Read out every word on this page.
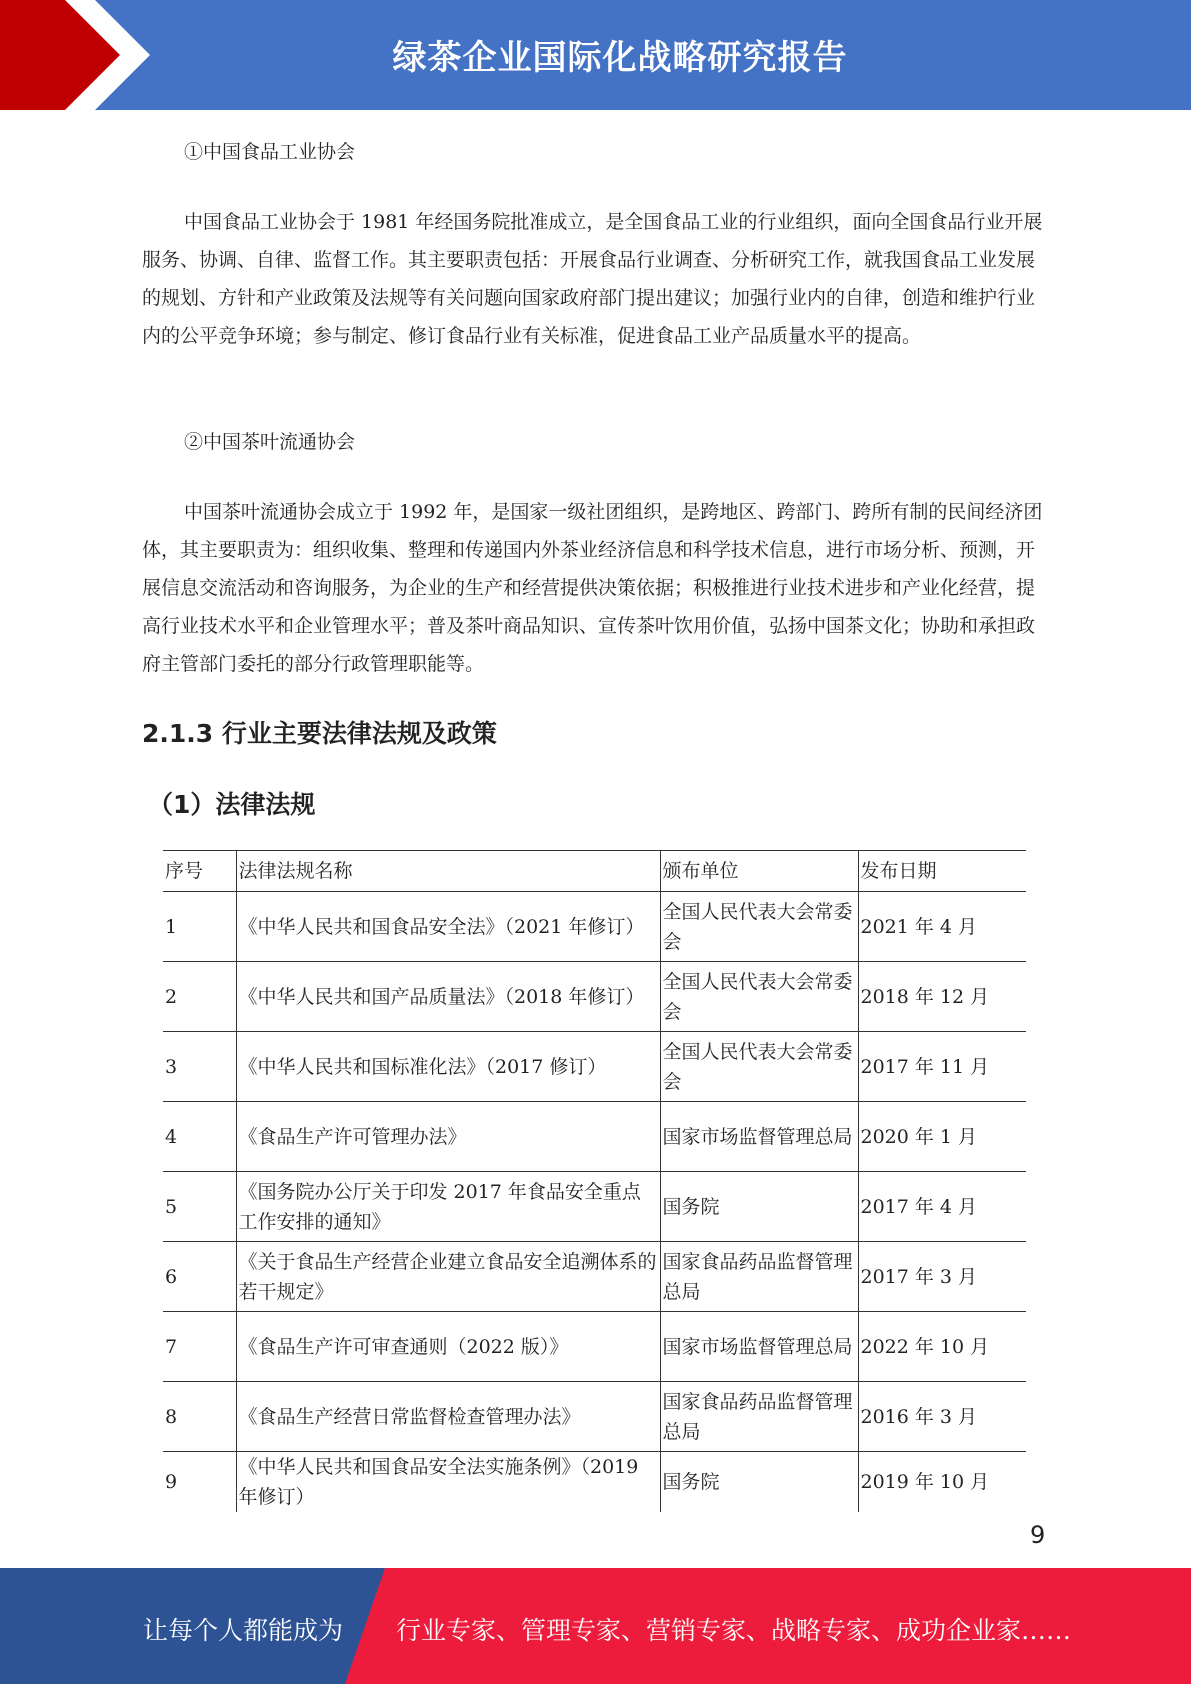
绿茶企业国际化战略研究报告

①中国食品工业协会

中国食品工业协会于 1981 年经国务院批准成立，是全国食品工业的行业组织，面向全国食品行业开展服务、协调、自律、监督工作。其主要职责包括：开展食品行业调查、分析研究工作，就我国食品工业发展的规划、方针和产业政策及法规等有关问题向国家政府部门提出建议；加强行业内的自律，创造和维护行业内的公平竞争环境；参与制定、修订食品行业有关标准，促进食品工业产品质量水平的提高。

②中国茶叶流通协会

中国茶叶流通协会成立于 1992 年，是国家一级社团组织，是跨地区、跨部门、跨所有制的民间经济团体，其主要职责为：组织收集、整理和传递国内外茶业经济信息和科学技术信息，进行市场分析、预测，开展信息交流活动和咨询服务，为企业的生产和经营提供决策依据；积极推进行业技术进步和产业化经营，提高行业技术水平和企业管理水平；普及茶叶商品知识、宣传茶叶饮用价值，弘扬中国茶文化；协助和承担政府主管部门委托的部分行政管理职能等。

2.1.3 行业主要法律法规及政策
（1）法律法规
序号	法律法规名称	颁布单位	发布日期
1	《中华人民共和国食品安全法》（2021 年修订）	全国人民代表大会常委会	2021 年 4 月
2	《中华人民共和国产品质量法》（2018 年修订）	全国人民代表大会常委会	2018 年 12 月
3	《中华人民共和国标准化法》（2017 修订）	全国人民代表大会常委会	2017 年 11 月
4	《食品生产许可管理办法》	国家市场监督管理总局	2020 年 1 月
5	《国务院办公厅关于印发 2017 年食品安全重点工作安排的通知》	国务院	2017 年 4 月
6	《关于食品生产经营企业建立食品安全追溯体系的若干规定》	国家食品药品监督管理总局	2017 年 3 月
7	《食品生产许可审查通则（2022 版）》	国家市场监督管理总局	2022 年 10 月
8	《食品生产经营日常监督检查管理办法》	国家食品药品监督管理总局	2016 年 3 月
9	《中华人民共和国食品安全法实施条例》（2019 年修订）	国务院	2019 年 10 月
9
让每个人都能成为 行业专家、管理专家、营销专家、战略专家、成功企业家……
